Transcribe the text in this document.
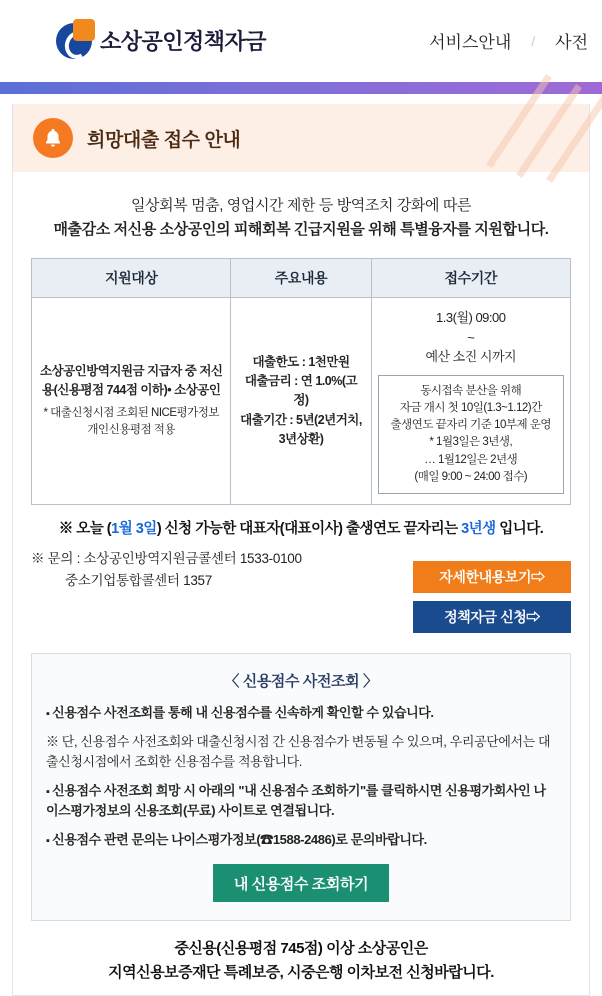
소상공인정책자금	서비스안내 / 사전
희망대출 접수 안내
일상회복 멈춤, 영업시간 제한 등 방역조치 강화에 따른
매출감소 저신용 소상공인의 피해회복 긴급지원을 위해 특별융자를 지원합니다.
지원대상	주요내용	접수기간
소상공인방역지원금 지급자 중 저신용(신용평점 744점 이하)• 소상공인
* 대출신청시점 조회된 NICE평가정보 개인신용평점 적용

대출한도 : 1천만원
대출금리 : 연 1.0%(고정)
대출기간 : 5년(2년거치, 3년상환)

1.3(월) 09:00
~
예산 소진 시까지
동시접속 분산을 위해
자금 개시 첫 10일(1.3~1.12)간
출생연도 끝자리 기준 10부제 운영
* 1월3일은 3년생,
… 1월12일은 2년생
(매일 9:00 ~ 24:00 접수)
※ 오늘 (1월 3일) 신청 가능한 대표자(대표이사) 출생연도 끝자리는 3년생 입니다.
※ 문의 : 소상공인방역지원금콜센터 1533-0100
중소기업통합콜센터 1357	자세한내용보기⇨
정책자금 신청⇨
〈 신용점수 사전조회 〉

▪ 신용점수 사전조회를 통해 내 신용점수를 신속하게 확인할 수 있습니다.

※ 단, 신용점수 사전조회와 대출신청시점 간 신용점수가 변동될 수 있으며, 우리공단에서는 대출신청시점에서 조회한 신용점수를 적용합니다.

▪ 신용점수 사전조회 희망 시 아래의 "내 신용점수 조회하기"를 클릭하시면 신용평가회사인 나이스평가정보의 신용조회(무료) 사이트로 연결됩니다.

▪ 신용점수 관련 문의는 나이스평가정보(☎1588-2486)로 문의바랍니다.

내 신용점수 조회하기
중신용(신용평점 745점) 이상 소상공인은
지역신용보증재단 특례보증, 시중은행 이차보전 신청바랍니다.
